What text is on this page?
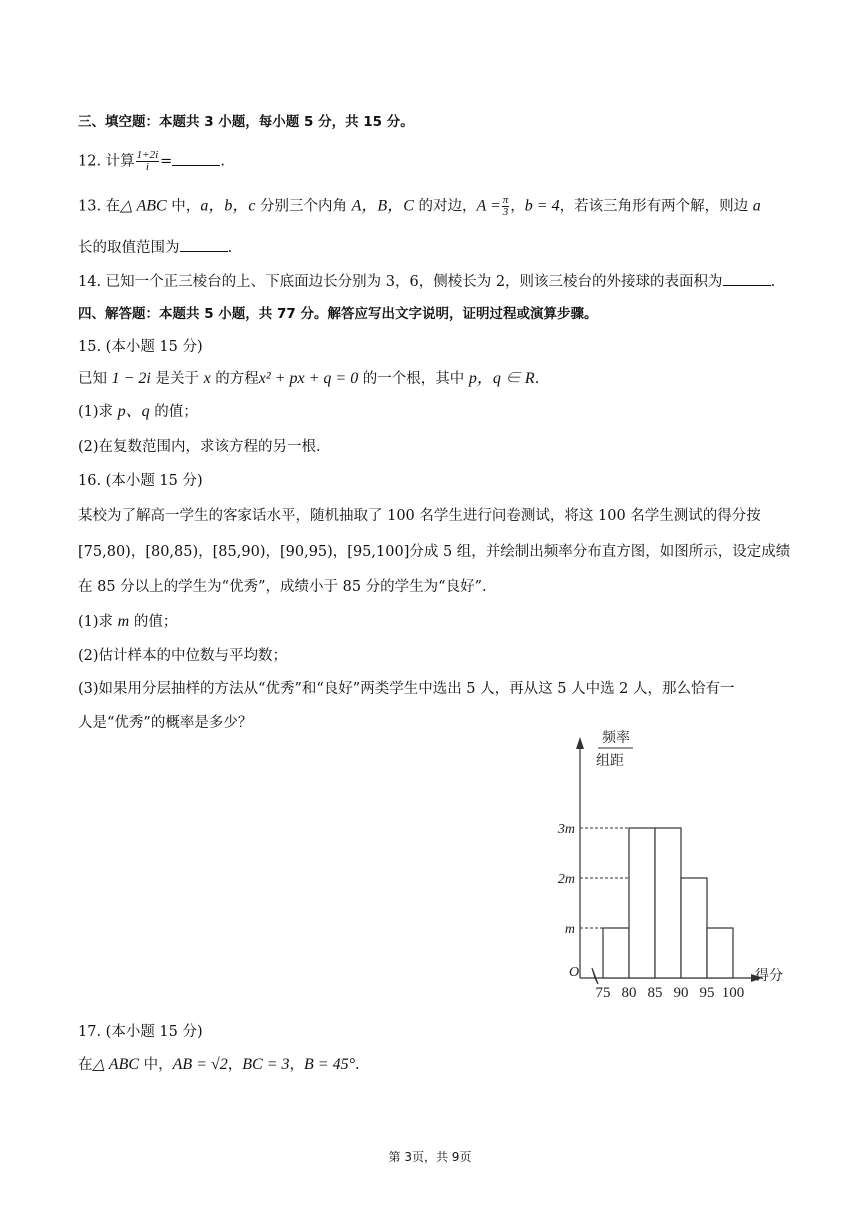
三、填空题：本题共 3 小题，每小题 5 分，共 15 分。
12. 计算 $\frac{1+2i}{i}$ =	.
13. 在△ ABC 中，a，b，c 分别三个内角 A，B，C 的对边，$A = \frac{\pi}{3}$ ，b = 4，若该三角形有两个解，则边 a
长的取值范围为	.
14. 已知一个正三棱台的上、下底面边长分别为 3，6，侧棱长为 2，则该三棱台的外接球的表面积为	.
四、解答题：本题共 5 小题，共 77 分。解答应写出文字说明，证明过程或演算步骤。
15. (本小题 15 分)
已知 1 − 2i 是关于 x 的方程x² + px + q = 0 的一个根，其中 p，q ∈ R.
(1)求 p、q 的值；
(2)在复数范围内，求该方程的另一根.
16. (本小题 15 分)
某校为了解高一学生的客家话水平，随机抽取了 100 名学生进行问卷测试，将这 100 名学生测试的得分按
[75,80)，[80,85)，[85,90)，[90,95)，[95,100]分成 5 组，并绘制出频率分布直方图，如图所示，设定成绩
在 85 分以上的学生为“优秀”，成绩小于 85 分的学生为“良好”.
(1)求 m 的值；
(2)估计样本的中位数与平均数；
(3)如果用分层抽样的方法从“优秀”和“良好”两类学生中选出 5 人，再从这 5 人中选 2 人，那么恰有一
人是“优秀”的概率是多少？
频率
组距
O	得分
m
2m
3m
75 80 85 90 95 100
17. (本小题 15 分)
在△ ABC 中，AB = √2，BC = 3，B = 45°.
第 3页，共 9页
